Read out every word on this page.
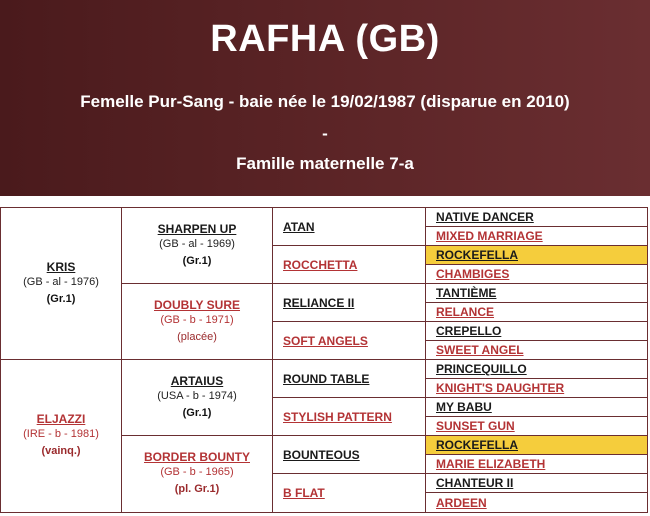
RAFHA (GB)
Femelle Pur-Sang - baie née le 19/02/1987 (disparue en 2010)
-
Famille maternelle 7-a
KRIS
(GB - al - 1976)
(Gr.1)
ELJAZZI
(IRE - b - 1981)
(vainq.)
SHARPEN UP
(GB - al - 1969)
(Gr.1)
DOUBLY SURE
(GB - b - 1971)
(placée)
ARTAIUS
(USA - b - 1974)
(Gr.1)
BORDER BOUNTY
(GB - b - 1965)
(pl. Gr.1)
ATAN
ROCCHETTA
RELIANCE II
SOFT ANGELS
ROUND TABLE
STYLISH PATTERN
BOUNTEOUS
B FLAT
NATIVE DANCER
MIXED MARRIAGE
ROCKEFELLA
CHAMBIGES
TANTIÈME
RELANCE
CREPELLO
SWEET ANGEL
PRINCEQUILLO
KNIGHT'S DAUGHTER
MY BABU
SUNSET GUN
ROCKEFELLA
MARIE ELIZABETH
CHANTEUR II
ARDEEN
